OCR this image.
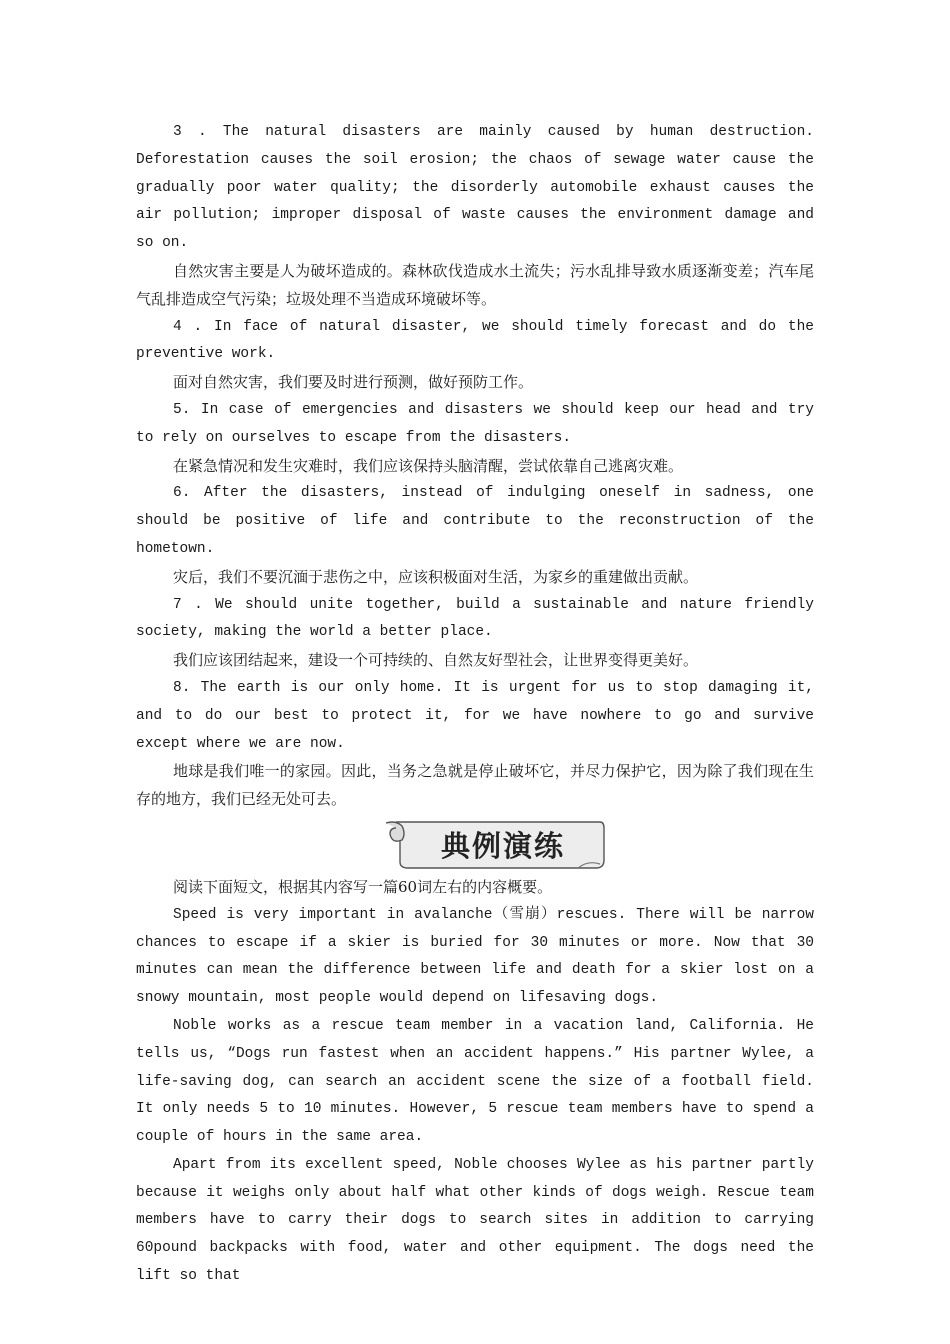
3 . The natural disasters are mainly caused by human destruction. Deforestation causes the soil erosion; the chaos of sewage water cause the gradually poor water quality; the disorderly automobile exhaust causes the air pollution; improper disposal of waste causes the environment damage and so on.

自然灾害主要是人为破坏造成的。森林砍伐造成水土流失；污水乱排导致水质逐渐变差；汽车尾气乱排造成空气污染；垃圾处理不当造成环境破坏等。

4 . In face of natural disaster, we should timely forecast and do the preventive work.

面对自然灾害，我们要及时进行预测，做好预防工作。

5. In case of emergencies and disasters we should keep our head and try to rely on ourselves to escape from the disasters.

在紧急情况和发生灾难时，我们应该保持头脑清醒，尝试依靠自己逃离灾难。

6. After the disasters, instead of indulging oneself in sadness, one should be positive of life and contribute to the reconstruction of the hometown.

灾后，我们不要沉湎于悲伤之中，应该积极面对生活，为家乡的重建做出贡献。

7 . We should unite together, build a sustainable and nature friendly society, making the world a better place.

我们应该团结起来，建设一个可持续的、自然友好型社会，让世界变得更美好。

8. The earth is our only home. It is urgent for us to stop damaging it, and to do our best to protect it, for we have nowhere to go and survive except where we are now.

地球是我们唯一的家园。因此，当务之急就是停止破坏它，并尽力保护它，因为除了我们现在生存的地方，我们已经无处可去。

典例演练

阅读下面短文，根据其内容写一篇60词左右的内容概要。

Speed is very important in avalanche（雪崩）rescues. There will be narrow chances to escape if a skier is buried for 30 minutes or more. Now that 30 minutes can mean the difference between life and death for a skier lost on a snowy mountain, most people would depend on lifesaving dogs.

Noble works as a rescue team member in a vacation land, California. He tells us, “Dogs run fastest when an accident happens.” His partner Wylee, a life-saving dog, can search an accident scene the size of a football field. It only needs 5 to 10 minutes. However, 5 rescue team members have to spend a couple of hours in the same area.

Apart from its excellent speed, Noble chooses Wylee as his partner partly because it weighs only about half what other kinds of dogs weigh. Rescue team members have to carry their dogs to search sites in addition to carrying 60pound backpacks with food, water and other equipment. The dogs need the lift so that
